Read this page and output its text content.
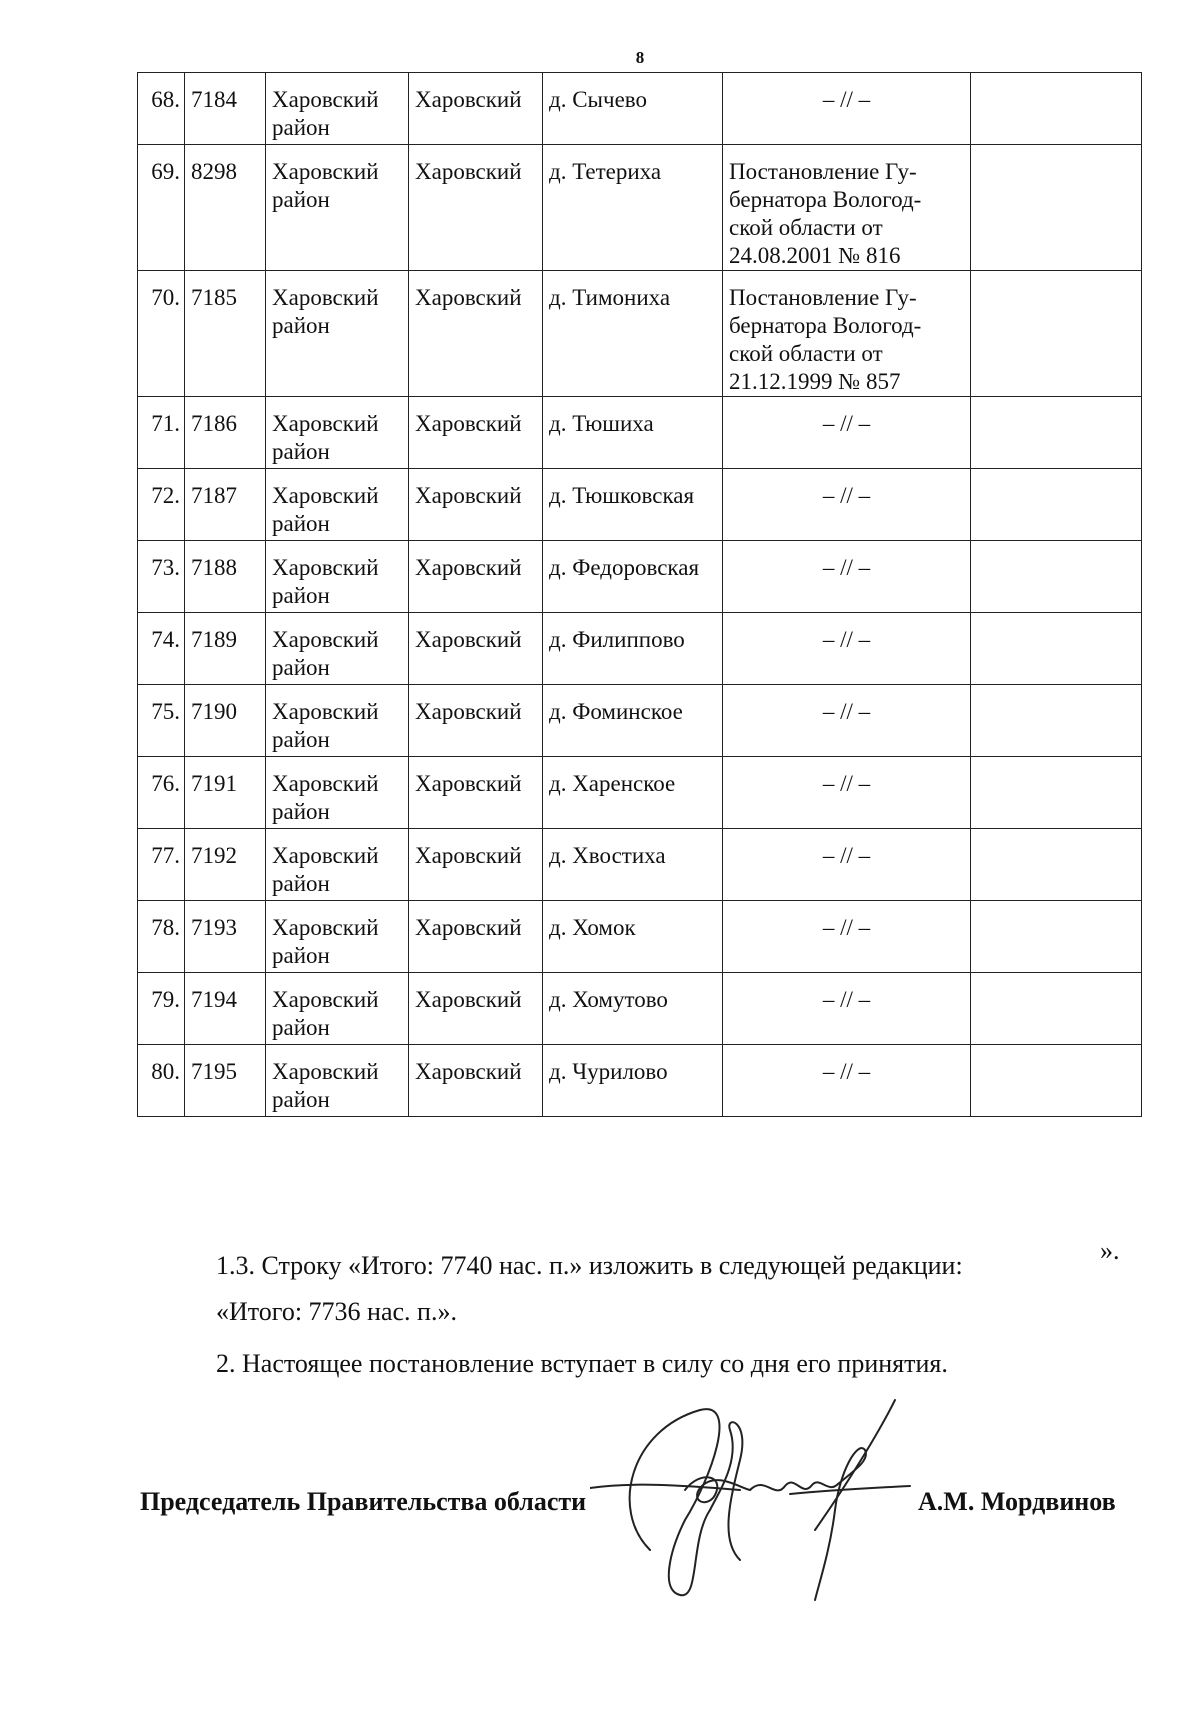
8
68.	7184	Харовский район	Харовский	д. Сычево	– // –	

69.	8298	Харовский район	Харовский	д. Тетериха	Постановление Гу-
бернатора Вологод-
ской области от
24.08.2001 № 816	

70.	7185	Харовский район	Харовский	д. Тимониха	Постановление Гу-
бернатора Вологод-
ской области от
21.12.1999 № 857	

71.	7186	Харовский район	Харовский	д. Тюшиха	– // –	

72.	7187	Харовский район	Харовский	д. Тюшковская	– // –	

73.	7188	Харовский район	Харовский	д. Федоровская	– // –	

74.	7189	Харовский район	Харовский	д. Филиппово	– // –	

75.	7190	Харовский район	Харовский	д. Фоминское	– // –	

76.	7191	Харовский район	Харовский	д. Харенское	– // –	

77.	7192	Харовский район	Харовский	д. Хвостиха	– // –	

78.	7193	Харовский район	Харовский	д. Хомок	– // –	

79.	7194	Харовский район	Харовский	д. Хомутово	– // –	

80.	7195	Харовский район	Харовский	д. Чурилово	– // –	

».
1.3. Строку «Итого: 7740 нас. п.» изложить в следующей редакции:
«Итого: 7736 нас. п.».
2. Настоящее постановление вступает в силу со дня его принятия.
Председатель Правительства области	А.М. Мордвинов
